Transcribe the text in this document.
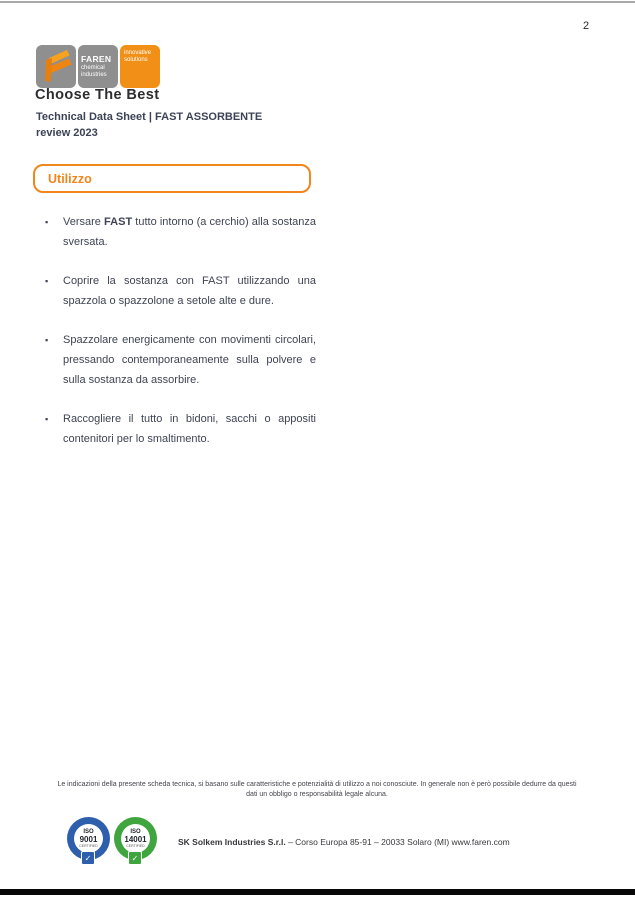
2
FAREN
chemical industries
innovative solutions
Choose The Best
Technical Data Sheet | FAST ASSORBENTE
review 2023
Utilizzo
▪	Versare FAST tutto intorno (a cerchio) alla sostanza sversata.

▪	Coprire la sostanza con FAST utilizzando una spazzola o spazzolone a setole alte e dure.

▪	Spazzolare energicamente con movimenti circolari, pressando contemporaneamente sulla polvere e sulla sostanza da assorbire.

▪	Raccogliere il tutto in bidoni, sacchi o appositi contenitori per lo smaltimento.

Le indicazioni della presente scheda tecnica, si basano sulle caratteristiche e potenzialità di utilizzo a noi conosciute. In generale non è però possibile dedurre da questi dati un obbligo o responsabilità legale alcuna.

ISO
9001
CERTIFIED
✓
ISO
14001
CERTIFIED
✓

SK Solkem Industries S.r.l. – Corso Europa 85-91 – 20033 Solaro (MI) www.faren.com
